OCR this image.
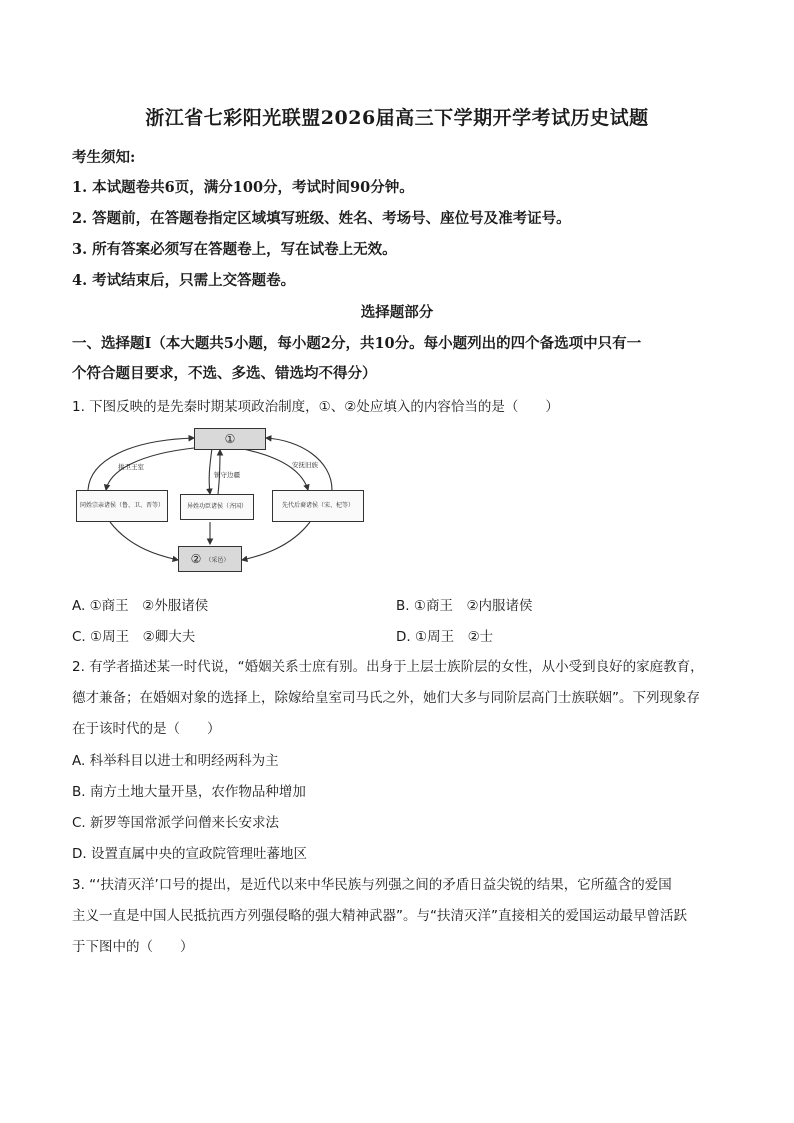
浙江省七彩阳光联盟2026届高三下学期开学考试历史试题
考生须知:
1. 本试题卷共6页，满分100分，考试时间90分钟。
2. 答题前，在答题卷指定区域填写班级、姓名、考场号、座位号及准考证号。
3. 所有答案必须写在答题卷上，写在试卷上无效。
4. 考试结束后，只需上交答题卷。
选择题部分
一、选择题Ⅰ（本大题共5小题，每小题2分，共10分。每小题列出的四个备选项中只有一
个符合题目要求，不选、多选、错选均不得分）
1. 下图反映的是先秦时期某项政治制度，①、②处应填入的内容恰当的是（　　）
①
拱卫王室
镇守边疆
安抚旧族
同姓宗亲诸侯（鲁、卫、晋等）	异姓功臣诸侯（齐国）	先代后裔诸侯（宋、杞等）
② （采邑）
A. ①商王　②外服诸侯	B. ①商王　②内服诸侯
C. ①周王　②卿大夫	D. ①周王　②士
2. 有学者描述某一时代说，“婚姻关系士庶有别。出身于上层士族阶层的女性，从小受到良好的家庭教育，
德才兼备；在婚姻对象的选择上，除嫁给皇室司马氏之外，她们大多与同阶层高门士族联姻”。下列现象存
在于该时代的是（　　）
A. 科举科目以进士和明经两科为主
B. 南方土地大量开垦，农作物品种增加
C. 新罗等国常派学问僧来长安求法
D. 设置直属中央的宣政院管理吐蕃地区
3. “‘扶清灭洋’口号的提出，是近代以来中华民族与列强之间的矛盾日益尖锐的结果，它所蕴含的爱国
主义一直是中国人民抵抗西方列强侵略的强大精神武器”。与“扶清灭洋”直接相关的爱国运动最早曾活跃
于下图中的（　　）
